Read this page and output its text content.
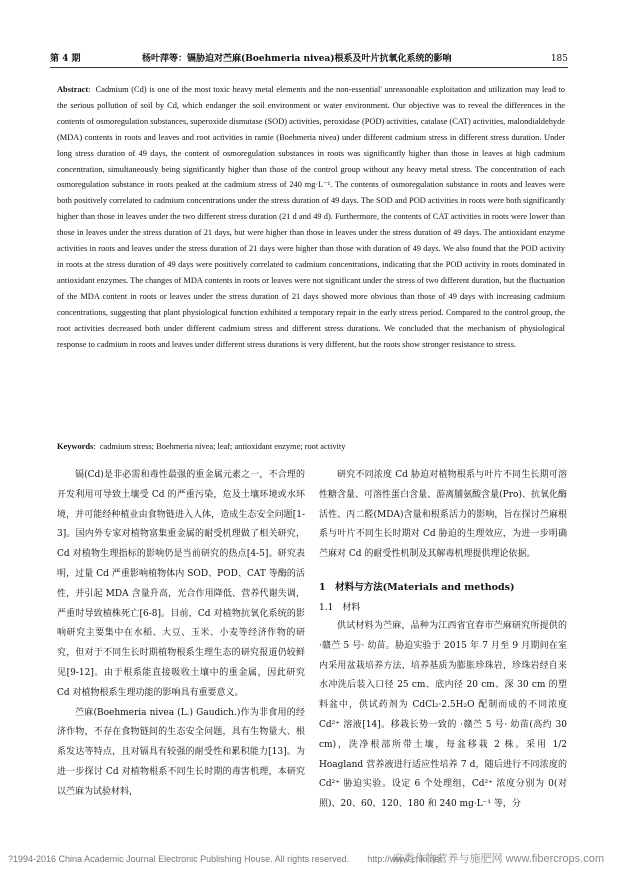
第 4 期	杨叶萍等：镉胁迫对苎麻(Boehmeria nivea)根系及叶片抗氧化系统的影响	185
Abstract:  Cadmium (Cd) is one of the most toxic heavy metal elements and the non-essential' unreasonable exploitation and utilization may lead to the serious pollution of soil by Cd, which endanger the soil environment or water environment. Our objective was to reveal the differences in the contents of osmoregulation substances, superoxide dismutase (SOD) activities, peroxidase (POD) activities, catalase (CAT) activities, malondialdehyde (MDA) contents in roots and leaves and root activities in ramie (Boehmeria nivea) under different cadmium stress in different stress duration. Under long stress duration of 49 days, the content of osmoregulation substances in roots was significantly higher than those in leaves at high cadmium concentration, simultaneously being significantly higher than those of the control group without any heavy metal stress. The concentration of each osmoregulation substance in roots peaked at the cadmium stress of 240 mg·L⁻¹. The contents of osmoregulation substance in roots and leaves were both positively correlated to cadmium concentrations under the stress duration of 49 days. The SOD and POD activities in roots were both significantly higher than those in leaves under the two different stress duration (21 d and 49 d). Furthermore, the contents of CAT activities in roots were lower than those in leaves under the stress duration of 21 days, but were higher than those in leaves under the stress duration of 49 days. The antioxidant enzyme activities in roots and leaves under the stress duration of 21 days were higher than those with duration of 49 days. We also found that the POD activity in roots at the stress duration of 49 days were positively correlated to cadmium concentrations, indicating that the POD activity in roots dominated in antioxidant enzymes. The changes of MDA contents in roots or leaves were not significant under the stress of two different duration, but the fluctuation of the MDA content in roots or leaves under the stress duration of 21 days showed more obvious than those of 49 days with increasing cadmium concentrations, suggesting that plant physiological function exhibited a temporary repair in the early stress period. Compared to the control group, the root activities decreased both under different cadmium stress and different stress durations. We concluded that the mechanism of physiological response to cadmium in roots and leaves under different stress durations is very different, but the roots show stronger resistance to stress.
Keywords:  cadmium stress; Boehmeria nivea; leaf; antioxidant enzyme; root activity

镉(Cd)是非必需和毒性最强的重金属元素之一，不合理的开发利用可导致土壤受 Cd 的严重污染，危及土壤环境或水环境，并可能经种植业由食物链进入人体，造成生态安全问题[1-3]。国内外专家对植物富集重金属的耐受机理做了相关研究，Cd 对植物生理指标的影响仍是当前研究的热点[4-5]。研究表明，过量 Cd 严重影响植物体内 SOD、POD、CAT 等酶的活性，并引起 MDA 含量升高，光合作用降低、营养代谢失调，严重时导致植株死亡[6-8]。目前，Cd 对植物抗氧化系统的影响研究主要集中在水稻、大豆、玉米、小麦等经济作物的研究，但对于不同生长时期植物根系生理生态的研究报道仍较鲜见[9-12]。由于根系能直接吸收土壤中的重金属，因此研究 Cd 对植物根系生理功能的影响具有重要意义。

苎麻(Boehmeria nivea (L.) Gaudich.)作为非食用的经济作物，不存在食物链间的生态安全问题，具有生物量大、根系发达等特点，且对镉具有较强的耐受性和累积能力[13]。为进一步探讨 Cd 对植物根系不同生长时期的毒害机理，本研究以苎麻为试验材料，

研究不同浓度 Cd 胁迫对植物根系与叶片不同生长期可溶性糖含量、可溶性蛋白含量、游离脯氨酸含量(Pro)、抗氧化酶活性、丙二醛(MDA)含量和根系活力的影响，旨在探讨苎麻根系与叶片不同生长时期对 Cd 胁迫的生理效应，为进一步明确苎麻对 Cd 的耐受性机制及其解毒机理提供理论依据。

1　材料与方法(Materials and methods)
1.1　材料

供试材料为苎麻，品种为江西省宜春市苎麻研究所提供的 ·赣苎 5 号· 幼苗。胁迫实验于 2015 年 7 月至 9 月期间在室内采用盆栽培养方法，培养基质为膨胀珍珠岩，珍珠岩经自来水冲洗后装入口径 25 cm、底内径 20 cm、深 30 cm 的塑料盆中，供试药剂为 CdCl₂·2.5H₂O 配制而成的不同浓度 Cd²⁺ 溶液[14]。移栽长势一致的 ·赣苎 5 号· 幼苗(高约 30 cm)，洗净根部所带土壤，每盆移栽 2 株。采用 1/2 Hoagland 营养液进行适应性培养 7 d，随后进行不同浓度的 Cd²⁺ 胁迫实验。设定 6 个处理组，Cd²⁺ 浓度分别为 0(对照)、20、60、120、180 和 240 mg·L⁻¹ 等，分

?1994-2016 China Academic Journal Electronic Publishing House. All rights reserved.　　http://www.cnki.net
麻类作物营养与施肥网 www.fibercrops.com
